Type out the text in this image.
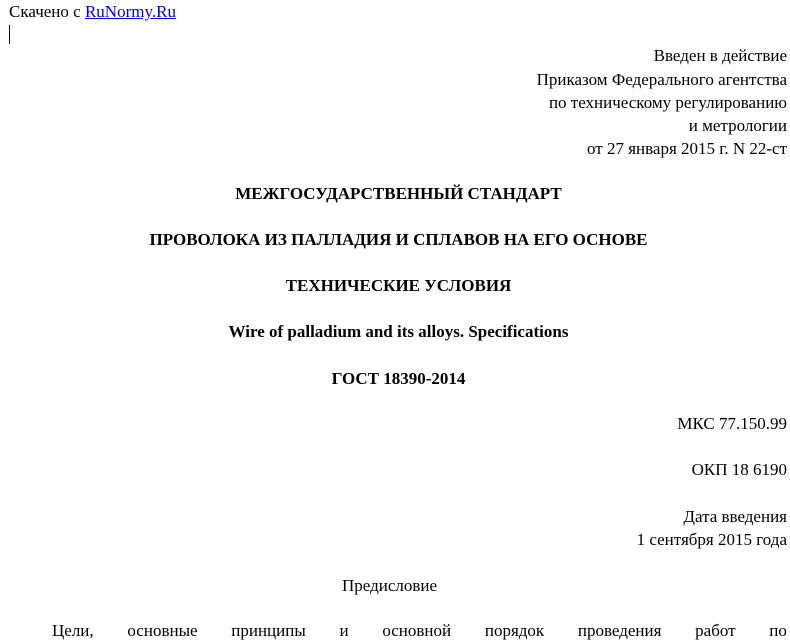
Скачено с RuNormy.Ru
Введен в действие
Приказом Федерального агентства
по техническому регулированию
и метрологии
от 27 января 2015 г. N 22-ст
МЕЖГОСУДАРСТВЕННЫЙ СТАНДАРТ
ПРОВОЛОКА ИЗ ПАЛЛАДИЯ И СПЛАВОВ НА ЕГО ОСНОВЕ
ТЕХНИЧЕСКИЕ УСЛОВИЯ
Wire of palladium and its alloys. Specifications
ГОСТ 18390-2014
МКС 77.150.99
ОКП 18 6190
Дата введения
1 сентября 2015 года
Предисловие
Цели, основные принципы и основной порядок проведения работ по
